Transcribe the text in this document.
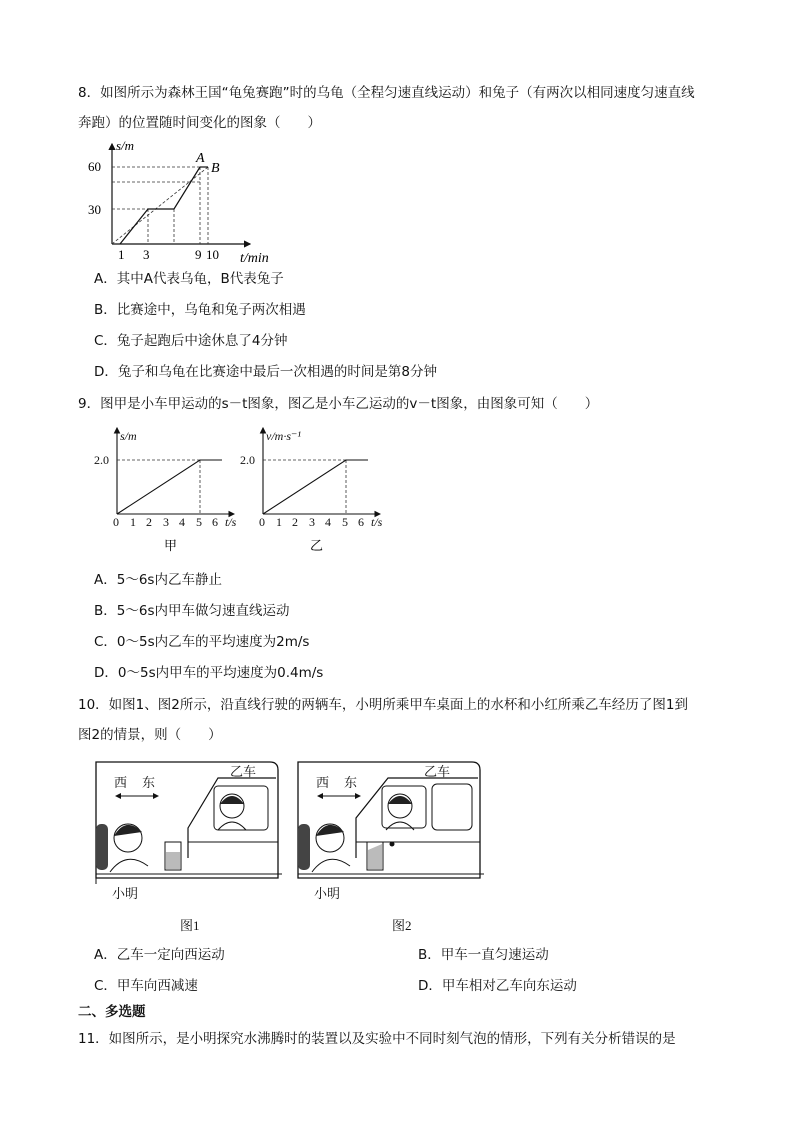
8．如图所示为森林王国“龟兔赛跑”时的乌龟（全程匀速直线运动）和兔子（有两次以相同速度匀速直线
奔跑）的位置随时间变化的图象（　　）
s/m
60
30
1 3	9 10 t/min
A
B
A．其中A代表乌龟，B代表兔子
B．比赛途中，乌龟和兔子两次相遇
C．兔子起跑后中途休息了4分钟
D．兔子和乌龟在比赛途中最后一次相遇的时间是第8分钟
9．图甲是小车甲运动的s－t图象，图乙是小车乙运动的v－t图象，由图象可知（　　）
s/m
2.0
0 1 2 3 4 5 6 t/s
甲
v/m·s⁻¹
2.0
0 1 2 3 4 5 6 t/s
乙
A．5～6s内乙车静止
B．5～6s内甲车做匀速直线运动
C．0～5s内乙车的平均速度为2m/s
D．0～5s内甲车的平均速度为0.4m/s
10．如图1、图2所示，沿直线行驶的两辆车，小明所乘甲车桌面上的水杯和小红所乘乙车经历了图1到
图2的情景，则（　　）
西 东
乙车
小明
图1
西 东
乙车
小明
图2
A．乙车一定向西运动	B．甲车一直匀速运动
C．甲车向西减速	D．甲车相对乙车向东运动
二、多选题
11．如图所示，是小明探究水沸腾时的装置以及实验中不同时刻气泡的情形，下列有关分析错误的是
